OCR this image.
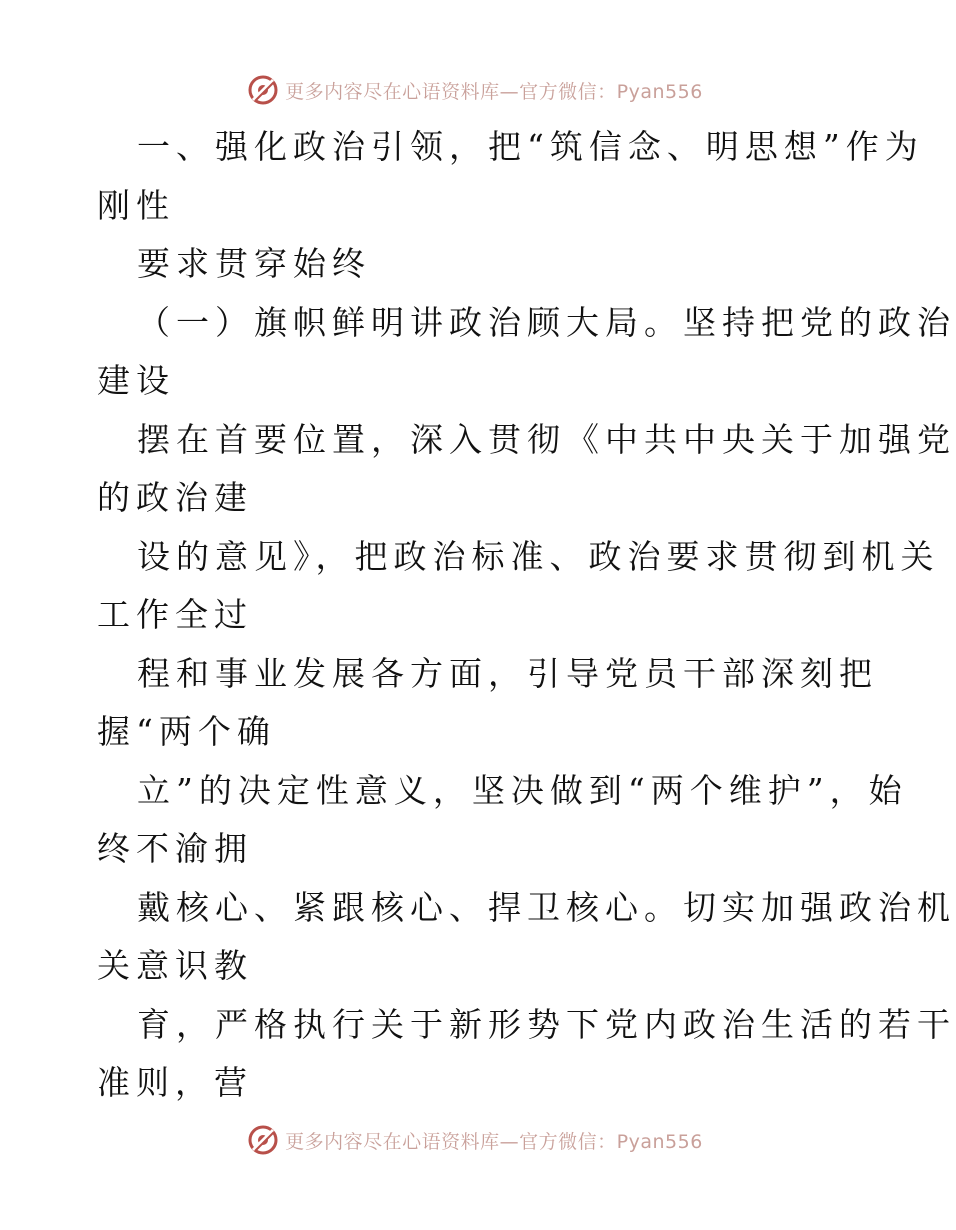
更多内容尽在心语资料库—官方微信：Pyan556
一、强化政治引领，把“筑信念、明思想”作为
刚性
要求贯穿始终
（一）旗帜鲜明讲政治顾大局。坚持把党的政治
建设
摆在首要位置，深入贯彻《中共中央关于加强党
的政治建
设的意见》，把政治标准、政治要求贯彻到机关
工作全过
程和事业发展各方面，引导党员干部深刻把
握“两个确
立”的决定性意义，坚决做到“两个维护”，始
终不渝拥
戴核心、紧跟核心、捍卫核心。切实加强政治机
关意识教
育，严格执行关于新形势下党内政治生活的若干
准则，营
更多内容尽在心语资料库—官方微信：Pyan556
